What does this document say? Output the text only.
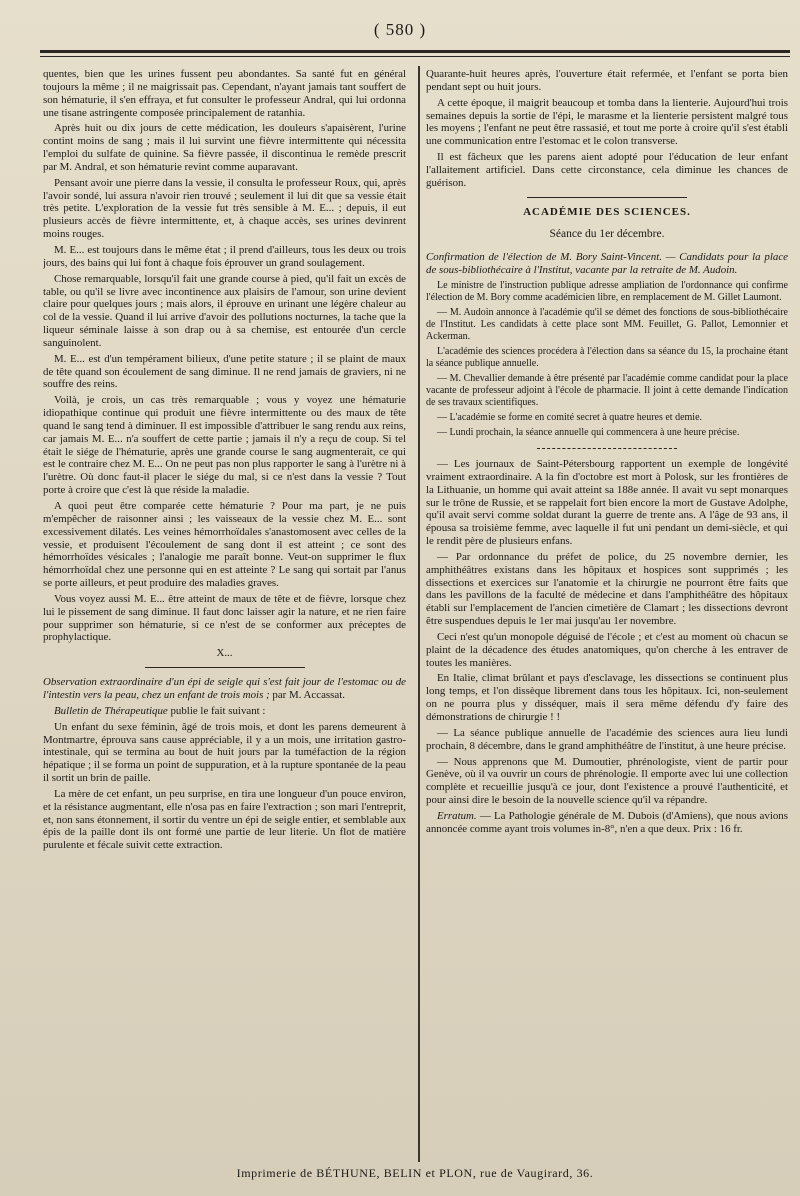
( 580 )

quentes, bien que les urines fussent peu abondantes. Sa santé fut en général toujours la même ; il ne maigrissait pas. Cependant, n'ayant jamais tant souffert de son hématurie, il s'en effraya, et fut consulter le professeur Andral, qui lui ordonna une tisane astringente composée principalement de ratanhia.

Après huit ou dix jours de cette médication, les douleurs s'apaisèrent, l'urine contint moins de sang ; mais il lui survint une fièvre intermittente qui nécessita l'emploi du sulfate de quinine. Sa fièvre passée, il discontinua le remède prescrit par M. Andral, et son hématurie revint comme auparavant.

Pensant avoir une pierre dans la vessie, il consulta le professeur Roux, qui, après l'avoir sondé, lui assura n'avoir rien trouvé ; seulement il lui dit que sa vessie était très petite. L'exploration de la vessie fut très sensible à M. E... ; depuis, il eut plusieurs accès de fièvre intermittente, et, à chaque accès, ses urines devinrent moins rouges.

M. E... est toujours dans le même état ; il prend d'ailleurs, tous les deux ou trois jours, des bains qui lui font à chaque fois éprouver un grand soulagement.

Chose remarquable, lorsqu'il fait une grande course à pied, qu'il fait un excès de table, ou qu'il se livre avec incontinence aux plaisirs de l'amour, son urine devient claire pour quelques jours ; mais alors, il éprouve en urinant une légère chaleur au col de la vessie. Quand il lui arrive d'avoir des pollutions nocturnes, la tache que la liqueur séminale laisse à son drap ou à sa chemise, est entourée d'un cercle sanguinolent.

M. E... est d'un tempérament bilieux, d'une petite stature ; il se plaint de maux de tête quand son écoulement de sang diminue. Il ne rend jamais de graviers, ni ne souffre des reins.

Voilà, je crois, un cas très remarquable ; vous y voyez une hématurie idiopathique continue qui produit une fièvre intermittente ou des maux de tête quand le sang tend à diminuer. Il est impossible d'attribuer le sang rendu aux reins, car jamais M. E... n'a souffert de cette partie ; jamais il n'y a reçu de coup. Si tel était le siége de l'hématurie, après une grande course le sang augmenterait, ce qui est le contraire chez M. E... On ne peut pas non plus rapporter le sang à l'urètre ni à l'urètre. Où donc faut-il placer le siége du mal, si ce n'est dans la vessie ? Tout porte à croire que c'est là que réside la maladie.

A quoi peut être comparée cette hématurie ? Pour ma part, je ne puis m'empêcher de raisonner ainsi ; les vaisseaux de la vessie chez M. E... sont excessivement dilatés. Les veines hémorrhoïdales s'anastomosent avec celles de la vessie, et produisent l'écoulement de sang dont il est atteint ; ce sont des hémorrhoïdes vésicales ; l'analogie me paraît bonne. Veut-on supprimer le flux hémorrhoïdal chez une personne qui en est atteinte ? Le sang qui sortait par l'anus se porte ailleurs, et peut produire des maladies graves.

Vous voyez aussi M. E... être atteint de maux de tête et de fièvre, lorsque chez lui le pissement de sang diminue. Il faut donc laisser agir la nature, et ne rien faire pour supprimer son hématurie, si ce n'est de se conformer aux préceptes de prophylactique.

X...

Observation extraordinaire d'un épi de seigle qui s'est fait jour de l'estomac ou de l'intestin vers la peau, chez un enfant de trois mois ; par M. Accassat.

Bulletin de Thérapeutique publie le fait suivant :

Un enfant du sexe féminin, âgé de trois mois, et dont les parens demeurent à Montmartre, éprouva sans cause appréciable, il y a un mois, une irritation gastro-intestinale, qui se termina au bout de huit jours par la tuméfaction de la région hépatique ; il se forma un point de suppuration, et à la rupture spontanée de la peau il sortit un brin de paille.

La mère de cet enfant, un peu surprise, en tira une longueur d'un pouce environ, et la résistance augmentant, elle n'osa pas en faire l'extraction ; son mari l'entreprit, et, non sans étonnement, il sortir du ventre un épi de seigle entier, et semblable aux épis de la paille dont ils ont formé une partie de leur literie. Un flot de matière purulente et fécale suivit cette extraction.

Quarante-huit heures après, l'ouverture était refermée, et l'enfant se porta bien pendant sept ou huit jours.

A cette époque, il maigrit beaucoup et tomba dans la lienterie. Aujourd'hui trois semaines depuis la sortie de l'épi, le marasme et la lienterie persistent malgré tous les moyens ; l'enfant ne peut être rassasié, et tout me porte à croire qu'il s'est établi une communication entre l'estomac et le colon transverse.

Il est fâcheux que les parens aient adopté pour l'éducation de leur enfant l'allaitement artificiel. Dans cette circonstance, cela diminue les chances de guérison.

ACADÉMIE DES SCIENCES.
Séance du 1er décembre.

Confirmation de l'élection de M. Bory Saint-Vincent. — Candidats pour la place de sous-bibliothécaire à l'Institut, vacante par la retraite de M. Audoin.

Le ministre de l'instruction publique adresse ampliation de l'ordonnance qui confirme l'élection de M. Bory comme académicien libre, en remplacement de M. Gillet Laumont.

— M. Audoin annonce à l'académie qu'il se démet des fonctions de sous-bibliothécaire de l'Institut. Les candidats à cette place sont MM. Feuillet, G. Pallot, Lemonnier et Ackerman.

L'académie des sciences procédera à l'élection dans sa séance du 15, la prochaine étant la séance publique annuelle.

— M. Chevallier demande à être présenté par l'académie comme candidat pour la place vacante de professeur adjoint à l'école de pharmacie. Il joint à cette demande l'indication de ses travaux scientifiques.

— L'académie se forme en comité secret à quatre heures et demie.

— Lundi prochain, la séance annuelle qui commencera à une heure précise.

— Les journaux de Saint-Pétersbourg rapportent un exemple de longévité vraiment extraordinaire. A la fin d'octobre est mort à Polosk, sur les frontières de la Lithuanie, un homme qui avait atteint sa 188e année. Il avait vu sept monarques sur le trône de Russie, et se rappelait fort bien encore la mort de Gustave Adolphe, qu'il avait servi comme soldat durant la guerre de trente ans. A l'âge de 93 ans, il épousa sa troisième femme, avec laquelle il fut uni pendant un demi-siècle, et qui le rendit père de plusieurs enfans.

— Par ordonnance du préfet de police, du 25 novembre dernier, les amphithéâtres existans dans les hôpitaux et hospices sont supprimés ; les dissections et exercices sur l'anatomie et la chirurgie ne pourront être faits que dans les pavillons de la faculté de médecine et dans l'amphithéâtre des hôpitaux établi sur l'emplacement de l'ancien cimetière de Clamart ; les dissections devront être suspendues depuis le 1er mai jusqu'au 1er novembre.

Ceci n'est qu'un monopole déguisé de l'école ; et c'est au moment où chacun se plaint de la décadence des études anatomiques, qu'on cherche à les entraver de toutes les manières.

En Italie, climat brûlant et pays d'esclavage, les dissections se continuent plus long temps, et l'on dissèque librement dans tous les hôpitaux. Ici, non-seulement on ne pourra plus y disséquer, mais il sera même défendu d'y faire des démonstrations de chirurgie ! !

— La séance publique annuelle de l'académie des sciences aura lieu lundi prochain, 8 décembre, dans le grand amphithéâtre de l'institut, à une heure précise.

— Nous apprenons que M. Dumoutier, phrénologiste, vient de partir pour Genève, où il va ouvrir un cours de phrénologie. Il emporte avec lui une collection complète et recueillie jusqu'à ce jour, dont l'existence a prouvé l'authenticité, et pour ainsi dire le besoin de la nouvelle science qu'il va répandre.

Erratum. — La Pathologie générale de M. Dubois (d'Amiens), que nous avions annoncée comme ayant trois volumes in-8°, n'en a que deux. Prix : 16 fr.

Imprimerie de BÉTHUNE, BELIN et PLON, rue de Vaugirard, 36.
